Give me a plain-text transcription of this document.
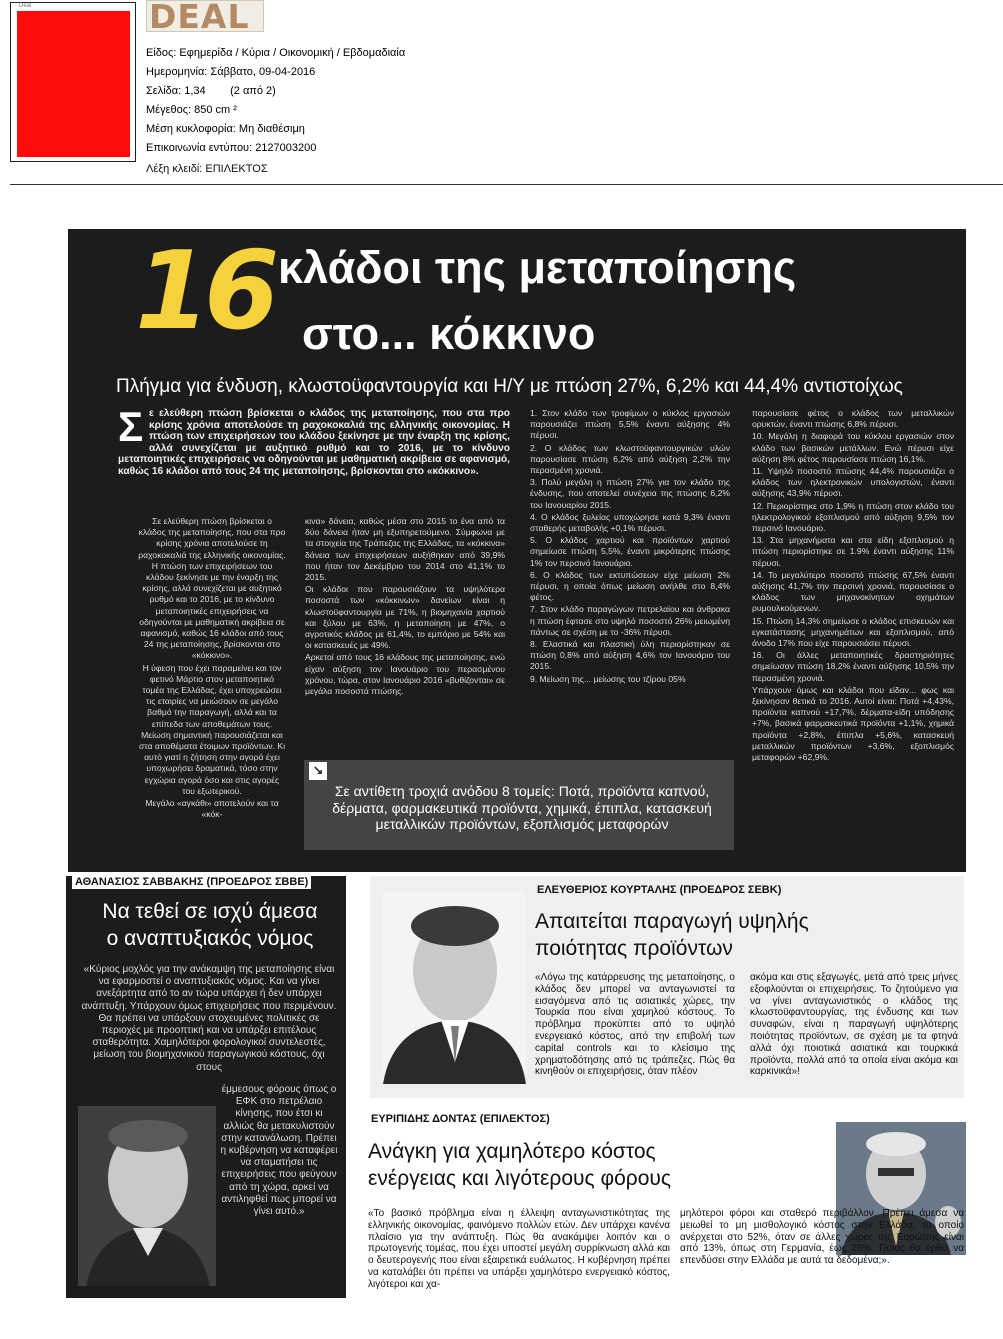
Deal	DEAL
Είδος: Εφημερίδα / Κύρια / Οικονομική / Εβδομαδιαία
Ημερομηνία: Σάββατο, 09-04-2016
Σελίδα: 1,34        (2 από 2)
Μέγεθος: 850 cm ²
Μέση κυκλοφορία: Μη διαθέσιμη
Επικοινωνία εντύπου: 2127003200
Λέξη κλειδί: ΕΠΙΛΕΚΤΟΣ
16 κλάδοι της μεταποίησης
στο... κόκκινο
Πλήγμα για ένδυση, κλωστοϋφαντουργία και Η/Υ με πτώση 27%, 6,2% και 44,4% αντιστοίχως
Σ ε ελεύθερη πτώση βρίσκεται ο κλάδος της μεταποίησης, που στα προ κρίσης χρόνια αποτελούσε τη ραχοκοκαλιά της ελληνικής οικονομίας. Η πτώση των επιχειρήσεων του κλάδου ξεκίνησε με την έναρξη της κρίσης, αλλά συνεχίζεται με αυξητικό ρυθμό και το 2016, με το κίνδυνο μεταποιητικές επιχειρήσεις να οδηγούνται με μαθηματική ακρίβεια σε αφανισμό, καθώς 16 κλάδοι από τους 24 της μεταποίησης, βρίσκονται στο «κόκκινο».

Σε ελεύθερη πτώση βρίσκεται ο κλάδος της μεταποίησης, που στα προ κρίσης χρόνια αποτελούσε τη ραχοκοκαλιά της ελληνικής οικονομίας. Η πτώση των επιχειρήσεων του κλάδου ξεκίνησε με την έναρξη της κρίσης, αλλά συνεχίζεται με αυξητικό ρυθμό και το 2016, με το κίνδυνο μεταποιητικές επιχειρήσεις να οδηγούνται με μαθηματική ακρίβεια σε αφανισμό, καθώς 16 κλάδοι από τους 24 της μεταποίησης, βρίσκονται στο «κόκκινο».

Η ύφεση που έχει παραμείνει και τον φετινό Μάρτιο στον μεταποιητικό τομέα της Ελλάδας, έχει υποχρεώσει τις εταιρίες να μειώσουν σε μεγάλο βαθμό την παραγωγή, αλλά και τα επίπεδα των αποθεμάτων τους. Μείωση σημαντική παρουσιάζεται και στα αποθέματα έτοιμων προϊόντων. Κι αυτό γιατί η ζήτηση στην αγορά έχει υποχωρήσει δραματικά, τόσο στην εγχώρια αγορά όσο και στις αγορές του εξωτερικού.

Μεγάλο «αγκάθι» αποτελούν και τα «κόκ-

κινα» δάνεια, καθώς μέσα στο 2015 το ένα από τα δύο δάνεια ήταν μη εξυπηρετούμενο. Σύμφωνα με τα στοιχεία της Τράπεζας της Ελλάδας, τα «κόκκινα» δάνεια των επιχειρήσεων αυξήθηκαν από 39,9% που ήταν τον Δεκέμβριο του 2014 στο 41,1% το 2015.

Οι κλάδοι που παρουσιάζουν τα υψηλότερα ποσοστά των «κόκκινων» δανείων είναι η κλωστοϋφαντουργία με 71%, η βιομηχανία χαρτιού και ξύλου με 63%, η μεταποίηση με 47%, ο αγροτικός κλάδος με 61,4%, το εμπόριο με 54% και οι κατασκευές με 49%.

Αρκετοί από τους 16 κλάδους της μεταποίησης, ενώ είχαν αύξηση τον Ιανουάριο του περασμένου χρόνου, τώρα, στον Ιανουάριο 2016 «βυθίζονται» σε μεγάλα ποσοστά πτώσης.

1. Στον κλάδο των τροφίμων ο κύκλος εργασιών παρουσιάζει πτώση 5,5% έναντι αύξησης 4% πέρυσι.

2. Ο κλάδος των κλωστοϋφαντουργικών υλών παρουσίασε πτώση 6,2% από αύξηση 2,2% την περασμένη χρονιά.

3. Πολύ μεγάλη η πτώση 27% για τον κλάδο της ένδυσης, που αποτελεί συνέχεια της πτώσης 6,2% του Ιανουαρίου 2015.

4. Ο κλάδος ξυλείας υποχώρησε κατά 9,3% έναντι σταθερής μεταβολής +0,1% πέρυσι.

5. Ο κλάδος χαρτιού και προϊόντων χαρτιού σημείωσε πτώση 5,5%, έναντι μικρότερης πτώσης 1% τον περσινό Ιανουάριο.

6. Ο κλάδος των εκτυπώσεων είχε μείωση 2% πέρυσι, η οποία όπως μείωση ανήλθε στο 8,4% φέτος.

7. Στον κλάδο παραγώγων πετρελαίου και άνθρακα η πτώση έφτασε στο υψηλό ποσοστό 26% μειωμένη πάντως σε σχέση με το -36% πέρυσι.

8. Ελαστικά και πλαστική ύλη περιορίστηκαν σε πτώση 0,8% από αύξηση 4,6% τον Ιανουάριο του 2015.

9. Μείωση της... μείωσης του τζίρου 05%

παρουσίασε φέτος ο κλάδος των μεταλλικών ορυκτών, έναντι πτώσης 6,8% πέρυσι.

10. Μεγάλη η διαφορά του κύκλου εργασιών στον κλάδο των βασικών μετάλλων. Ενώ πέρυσι είχε αύξηση 8% φέτος παρουσίασε πτώση 16,1%.

11. Υψηλό ποσοστό πτώσης 44,4% παρουσιάζει ο κλάδος των ηλεκτρονικών υπολογιστών, έναντι αύξησης 43,9% πέρυσι.

12. Περιορίστηκε στο 1,9% η πτώση στον κλάδο του ηλεκτρολογικού εξοπλισμού από αύξηση 9,5% τον περσινό Ιανουάριο.

13. Στα μηχανήματα και στα είδη εξοπλισμού η πτώση περιορίστηκε σε 1.9% έναντι αύξησης 11% πέρυσι.

14. Το μεγαλύτερο ποσοστό πτώσης 67,5% έναντι αύξησης 41,7% την περσινή χρονιά, παρουσίασε ο κλάδος των μηχανοκίνητων οχημάτων ρυμουλκούμενων.

15. Πτώση 14,3% σημείωσε ο κλάδος επισκευών και εγκατάστασης μηχανημάτων και εξοπλισμού, από άνοδο 17% που είχε παρουσιάσει πέρυσι.

16. Οι άλλες μεταποιητικές δραστηριότητες σημείωσαν πτώση 18,2% έναντι αύξησης 10,5% την περασμένη χρονιά.

Υπάρχουν όμως και κλάδοι που είδαν... φως και ξεκίνησαν θετικά το 2016. Αυτοί είναι: Ποτά +4,43%, προϊόντα καπνού +17,7%, δέρματα-είδη υπόδησης +7%, βασικά φαρμακευτικά προϊόντα +1,1%, χημικά προϊόντα +2,8%, έπιπλα +5,6%, κατασκευή μεταλλικών προϊόντων +3,6%, εξοπλισμός μεταφορών +62,9%.

↘
Σε αντίθετη τροχιά ανόδου 8 τομείς: Ποτά, προϊόντα καπνού, δέρματα, φαρμακευτικά προϊόντα, χημικά, έπιπλα, κατασκευή μεταλλικών προϊόντων, εξοπλισμός μεταφορών
ΑΘΑΝΑΣΙΟΣ ΣΑΒΒΑΚΗΣ (ΠΡΟΕΔΡΟΣ ΣΒΒΕ)
Να τεθεί σε ισχύ άμεσα
ο αναπτυξιακός νόμος
«Κύριος μοχλός για την ανάκαμψη της μεταποίησης είναι να εφαρμοστεί ο αναπτυξιακός νόμος. Και να γίνει ανεξάρτητα από το αν τώρα υπάρχει ή δεν υπάρχει ανάπτυξη. Υπάρχουν όμως επιχειρήσεις που περιμένουν. Θα πρέπει να υπάρξουν στοχευμένες πολιτικές σε περιοχές με προοπτική και να υπάρξει επιτέλους σταθερότητα. Χαμηλότεροι φορολογικοί συντελεστές, μείωση του βιομηχανικού παραγωγικού κόστους, όχι στους
έμμεσους φόρους όπως ο ΕΦΚ στο πετρέλαιο κίνησης, που έτσι κι αλλιώς θα μετακυλιστούν στην κατανάλωση. Πρέπει η κυβέρνηση να καταφέρει να σταματήσει τις επιχειρήσεις που φεύγουν από τη χώρα, αρκεί να αντιληφθεί πως μπορεί να γίνει αυτό.»
ΕΛΕΥΘΕΡΙΟΣ ΚΟΥΡΤΑΛΗΣ (ΠΡΟΕΔΡΟΣ ΣΕΒΚ)
Απαιτείται παραγωγή υψηλής
ποιότητας προϊόντων
«Λόγω της κατάρρευσης της μεταποίησης, ο κλάδος δεν μπορεί να ανταγωνιστεί τα εισαγόμενα από τις ασιατικές χώρες, την Τουρκία που είναι χαμηλού κόστους. Το πρόβλημα προκύπτει από το υψηλό ενεργειακό κόστος, από την επιβολή των capital controls και το κλείσιμο της χρηματοδότησης από τις τράπεζες. Πώς θα κινηθούν οι επιχειρήσεις, όταν πλέον
ακόμα και στις εξαγωγές, μετά από τρεις μήνες εξοφλούνται οι επιχειρήσεις. Το ζητούμενο για να γίνει ανταγωνιστικός ο κλάδος της κλωστοϋφαντουργίας, της ένδυσης και των συναφών, είναι η παραγωγή υψηλότερης ποιότητας προϊόντων, σε σχέση με τα φτηνά αλλά όχι ποιοτικά ασιατικά και τουρκικά προϊόντα, πολλά από τα οποία είναι ακόμα και καρκινικά»!
ΕΥΡΙΠΙΔΗΣ ΔΟΝΤΑΣ (ΕΠΙΛΕΚΤΟΣ)
Ανάγκη για χαμηλότερο κόστος
ενέργειας και λιγότερους φόρους
«Το βασικό πρόβλημα είναι η έλλειψη ανταγωνιστικότητας της ελληνικής οικονομίας, φαινόμενο πολλών ετών. Δεν υπάρχει κανένα πλαίσιο για την ανάπτυξη. Πώς θα ανακάμψει λοιπόν και ο πρωτογενής τομέας, που έχει υποστεί μεγάλη συρρίκνωση αλλά και ο δευτερογενής που είναι εξαιρετικά ευάλωτος. Η κυβέρνηση πρέπει να καταλάβει ότι πρέπει να υπάρξει χαμηλότερο ενεργειακό κόστος, λιγότεροι και χα-
μηλότεροι φόροι και σταθερό περιβάλλον. Πρέπει άμεσα να μειωθεί το μη μισθολογικό κόστος στην Ελλάδα, το οποίο ανέρχεται στο 52%, όταν σε άλλες χώρες της Ευρώπης είναι από 13%, όπως στη Γερμανία, έως 26%. Ποιος θα έρθει να επενδύσει στην Ελλάδα με αυτά τα δεδομένα;».
